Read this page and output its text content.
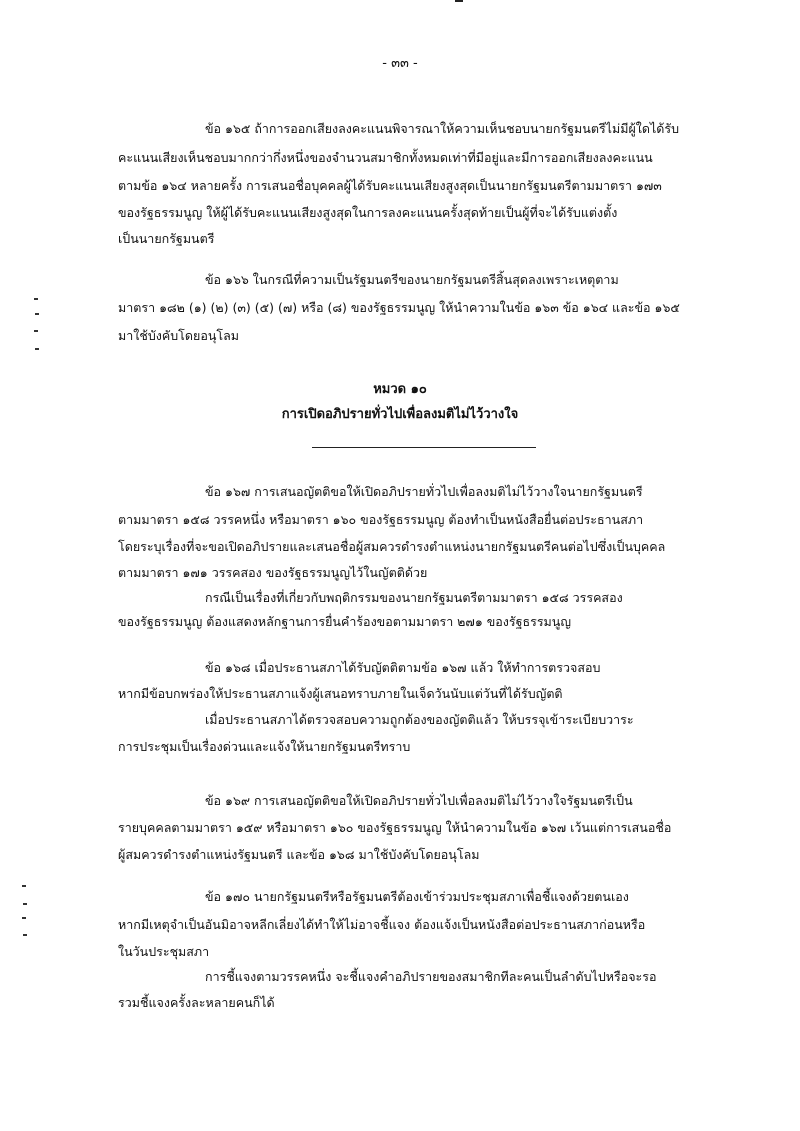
- ๓๓ -
ข้อ ๑๖๕ ถ้าการออกเสียงลงคะแนนพิจารณาให้ความเห็นชอบนายกรัฐมนตรีไม่มีผู้ใดได้รับ
คะแนนเสียงเห็นชอบมากกว่ากึ่งหนึ่งของจำนวนสมาชิกทั้งหมดเท่าที่มีอยู่และมีการออกเสียงลงคะแนน
ตามข้อ ๑๖๔ หลายครั้ง การเสนอชื่อบุคคลผู้ได้รับคะแนนเสียงสูงสุดเป็นนายกรัฐมนตรีตามมาตรา ๑๗๓
ของรัฐธรรมนูญ ให้ผู้ได้รับคะแนนเสียงสูงสุดในการลงคะแนนครั้งสุดท้ายเป็นผู้ที่จะได้รับแต่งตั้ง
เป็นนายกรัฐมนตรี
ข้อ ๑๖๖ ในกรณีที่ความเป็นรัฐมนตรีของนายกรัฐมนตรีสิ้นสุดลงเพราะเหตุตาม
มาตรา ๑๘๒ (๑) (๒) (๓) (๕) (๗) หรือ (๘) ของรัฐธรรมนูญ ให้นำความในข้อ ๑๖๓ ข้อ ๑๖๔ และข้อ ๑๖๕
มาใช้บังคับโดยอนุโลม
หมวด ๑๐
การเปิดอภิปรายทั่วไปเพื่อลงมติไม่ไว้วางใจ
ข้อ ๑๖๗ การเสนอญัตติขอให้เปิดอภิปรายทั่วไปเพื่อลงมติไม่ไว้วางใจนายกรัฐมนตรี
ตามมาตรา ๑๕๘ วรรคหนึ่ง หรือมาตรา ๑๖๐ ของรัฐธรรมนูญ ต้องทำเป็นหนังสือยื่นต่อประธานสภา
โดยระบุเรื่องที่จะขอเปิดอภิปรายและเสนอชื่อผู้สมควรดำรงตำแหน่งนายกรัฐมนตรีคนต่อไปซึ่งเป็นบุคคล
ตามมาตรา ๑๗๑ วรรคสอง ของรัฐธรรมนูญไว้ในญัตติด้วย
กรณีเป็นเรื่องที่เกี่ยวกับพฤติกรรมของนายกรัฐมนตรีตามมาตรา ๑๕๘ วรรคสอง
ของรัฐธรรมนูญ ต้องแสดงหลักฐานการยื่นคำร้องขอตามมาตรา ๒๗๑ ของรัฐธรรมนูญ
ข้อ ๑๖๘ เมื่อประธานสภาได้รับญัตติตามข้อ ๑๖๗ แล้ว ให้ทำการตรวจสอบ
หากมีข้อบกพร่องให้ประธานสภาแจ้งผู้เสนอทราบภายในเจ็ดวันนับแต่วันที่ได้รับญัตติ
เมื่อประธานสภาได้ตรวจสอบความถูกต้องของญัตติแล้ว ให้บรรจุเข้าระเบียบวาระ
การประชุมเป็นเรื่องด่วนและแจ้งให้นายกรัฐมนตรีทราบ
ข้อ ๑๖๙ การเสนอญัตติขอให้เปิดอภิปรายทั่วไปเพื่อลงมติไม่ไว้วางใจรัฐมนตรีเป็น
รายบุคคลตามมาตรา ๑๕๙ หรือมาตรา ๑๖๐ ของรัฐธรรมนูญ ให้นำความในข้อ ๑๖๗ เว้นแต่การเสนอชื่อ
ผู้สมควรดำรงตำแหน่งรัฐมนตรี และข้อ ๑๖๘ มาใช้บังคับโดยอนุโลม
ข้อ ๑๗๐ นายกรัฐมนตรีหรือรัฐมนตรีต้องเข้าร่วมประชุมสภาเพื่อชี้แจงด้วยตนเอง
หากมีเหตุจำเป็นอันมิอาจหลีกเลี่ยงได้ทำให้ไม่อาจชี้แจง ต้องแจ้งเป็นหนังสือต่อประธานสภาก่อนหรือ
ในวันประชุมสภา
การชี้แจงตามวรรคหนึ่ง จะชี้แจงคำอภิปรายของสมาชิกทีละคนเป็นลำดับไปหรือจะรอ
รวมชี้แจงครั้งละหลายคนก็ได้
